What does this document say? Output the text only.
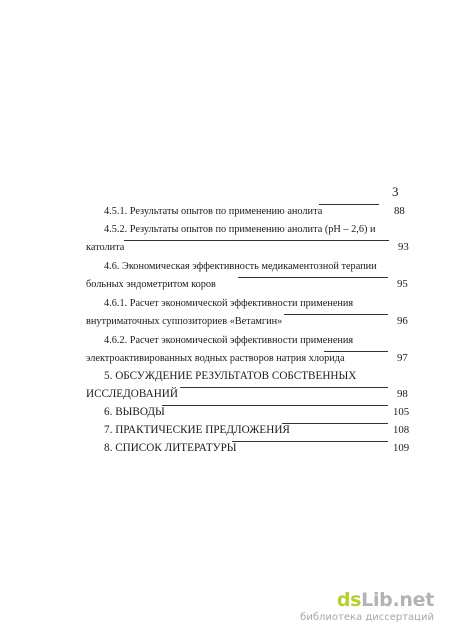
3
4.5.1. Результаты опытов по применению анолита	88
4.5.2. Результаты опытов по применению анолита (pH – 2,6) и
католита	93
4.6. Экономическая эффективность медикаментозной терапии
больных эндометритом коров	95
4.6.1. Расчет экономической эффективности применения
внутриматочных суппозиториев «Ветамгин»	96
4.6.2. Расчет экономической эффективности применения
электроактивированных водных растворов натрия хлорида	97
5. ОБСУЖДЕНИЕ РЕЗУЛЬТАТОВ СОБСТВЕННЫХ
ИССЛЕДОВАНИЙ	98
6. ВЫВОДЫ	105
7. ПРАКТИЧЕСКИЕ ПРЕДЛОЖЕНИЯ	108
8. СПИСОК ЛИТЕРАТУРЫ	109
dsLib.net
библиотека диссертаций
